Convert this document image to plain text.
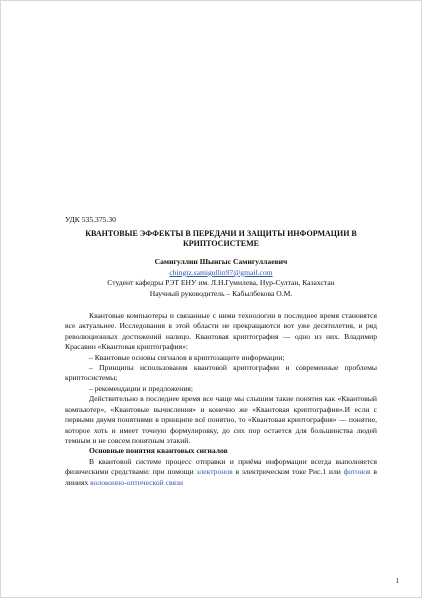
УДК 535.375.30

КВАНТОВЫЕ ЭФФЕКТЫ В ПЕРЕДАЧИ И ЗАЩИТЫ ИНФОРМАЦИИ В КРИПТОСИСТЕМЕ

Самигуллин Шынгыс Самигуллаевич

chingiz.samigullin97@gmail.com

Студент кафедры РЭТ ЕНУ им. Л.Н.Гумилева, Нур-Султан, Казахстан

Научный руководитель – Кабылбекова О.М.

Квантовые компьютеры и связанные с ними технологии в последнее время становятся все актуальнее. Исследования в этой области не прекращаются вот уже десятилетия, и ряд революционных достижений налицо. Квантовая криптография — одно из них. Владимир Красавин «Квантовая криптография»:

– Квантовые основы сигналов в криптозащите информации;

– Принципы использования квантовой криптографии и современные проблемы криптосистемы;

– рекомендации и предложения;

Действительно в последнее время все чаще мы слышим такие понятия как «Квантовый компьютер», «Квантовые вычисления» и конечно же «Квантовая криптография».И если с первыми двумя понятиями в принципе всё понятно, то «Квантовая криптография» — понятие, которое хоть и имеет точную формулировку, до сих пор остается для большинства людей темным и не совсем понятным этакий.

Основные понятия квантовых сигналов

В квантовой системе процесс отправки и приёма информации всегда выполняется физическими средствами: при помощи электронов в электрическом токе Рис.1 или фотонов в линиях волоконно-оптической связи

1
